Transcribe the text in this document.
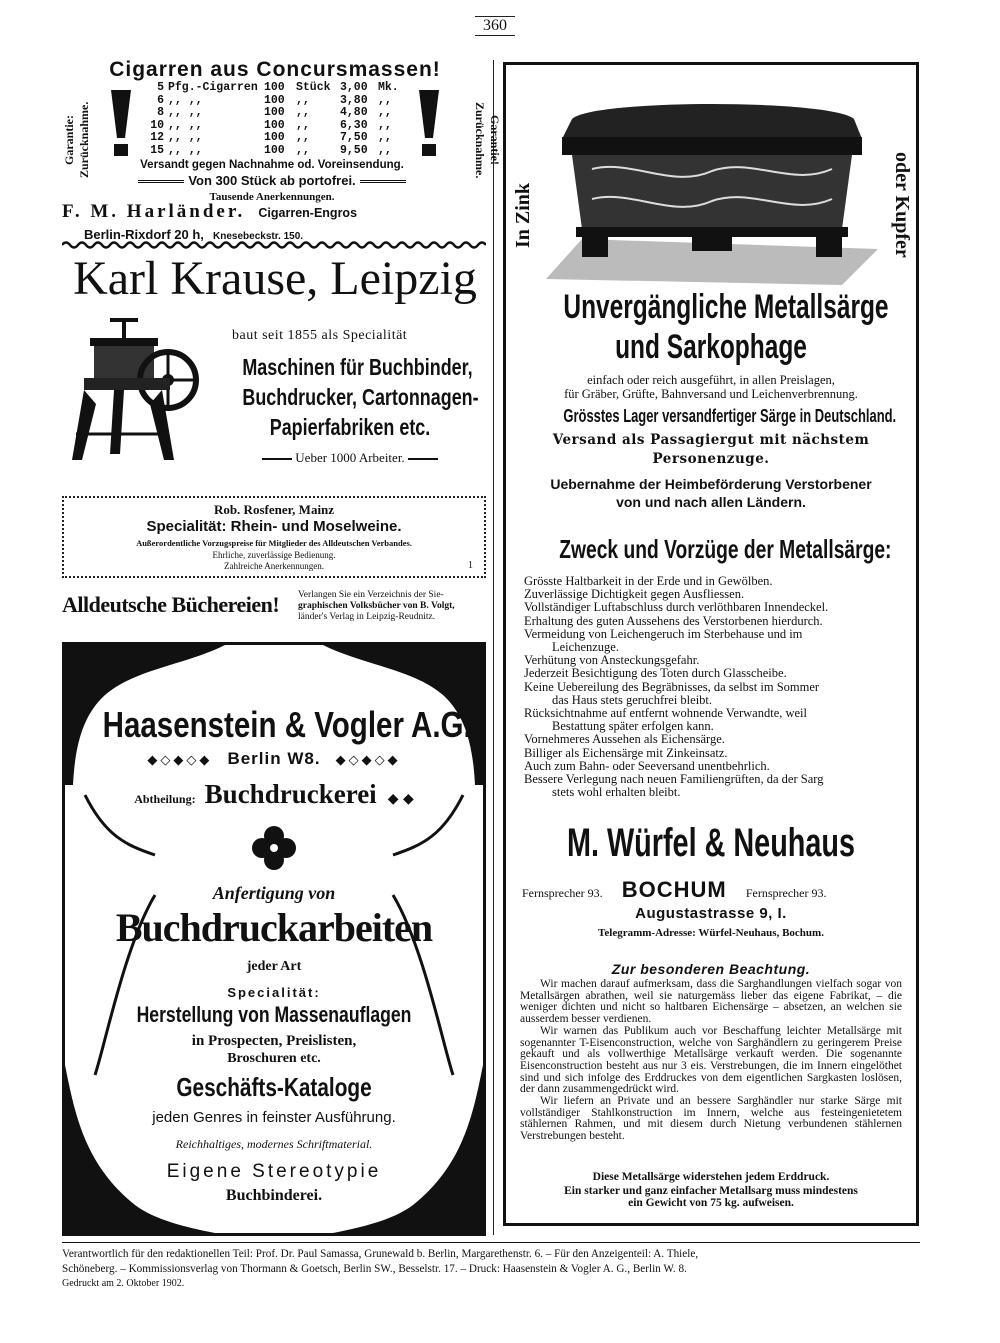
360
Cigarren aus Concursmassen!
Garantie: Zurücknahme.	Garantie! Zurücknahme.
5 Pfg.-Cigarren 100 Stück 3,00 Mk.
6 ,, ,,	100 ,,	3,80 ,,
8 ,, ,,	100 ,,	4,80 ,,
10 ,, ,,	100 ,,	6,30 ,,
12 ,, ,,	100 ,,	7,50 ,,
15 ,, ,,	100 ,,	9,50 ,,
Versandt gegen Nachnahme od. Voreinsendung.
Von 300 Stück ab portofrei.
Tausende Anerkennungen.
F. M. Harländer. Cigarren-Engros
Berlin-Rixdorf 20 h, Knesebeckstr. 150.
Karl Krause, Leipzig
baut seit 1855 als Specialität
Maschinen für Buchbinder,
Buchdrucker, Cartonnagen-
Papierfabriken etc.
Ueber 1000 Arbeiter.
Rob. Rosfener, Mainz
Specialität: Rhein- und Moselweine.
Außerordentliche Vorzugspreise für Mitglieder des Alldeutschen Verbandes.
Ehrliche, zuverlässige Bedienung.
Zahlreiche Anerkennungen.	1
Alldeutsche Büchereien! Verlangen Sie ein Verzeichnis der Sie-
graphischen Volksbücher von B. Volgt,
länder's Verlag in Leipzig-Reudnitz.
Haasenstein & Vogler A.G.
◆◇◆◇◆ Berlin W8. ◆◇◆◇◆
Abtheilung: Buchdruckerei ◆ ◆
Anfertigung von
Buchdruckarbeiten
jeder Art
Specialität:
Herstellung von Massenauflagen
in Prospecten, Preislisten,
Broschuren etc.
Geschäfts-Kataloge
jeden Genres in feinster Ausführung.
Reichhaltiges, modernes Schriftmaterial.
Eigene Stereotypie
Buchbinderei.
In Zink	oder Kupfer
Unvergängliche Metallsärge
und Sarkophage
einfach oder reich ausgeführt, in allen Preislagen,
für Gräber, Grüfte, Bahnversand und Leichenverbrennung.
Grösstes Lager versandfertiger Särge in Deutschland.
Versand als Passagiergut mit nächstem
Personenzuge.
Uebernahme der Heimbeförderung Verstorbener
von und nach allen Ländern.
Zweck und Vorzüge der Metallsärge:

Grösste Haltbarkeit in der Erde und in Gewölben.

Zuverlässige Dichtigkeit gegen Ausfliessen.

Vollständiger Luftabschluss durch verlöthbaren Innendeckel.

Erhaltung des guten Aussehens des Verstorbenen hierdurch.

Vermeidung von Leichengeruch im Sterbehause und im

Leichenzuge.

Verhütung von Ansteckungsgefahr.

Jederzeit Besichtigung des Toten durch Glasscheibe.

Keine Uebereilung des Begräbnisses, da selbst im Sommer

das Haus stets geruchfrei bleibt.

Rücksichtnahme auf entfernt wohnende Verwandte, weil

Bestattung später erfolgen kann.

Vornehmeres Aussehen als Eichensärge.

Billiger als Eichensärge mit Zinkeinsatz.

Auch zum Bahn- oder Seeversand unentbehrlich.

Bessere Verlegung nach neuen Familiengrüften, da der Sarg

stets wohl erhalten bleibt.

M. Würfel & Neuhaus
Fernsprecher 93. BOCHUM Fernsprecher 93.
Augustastrasse 9, I.
Telegramm-Adresse: Würfel-Neuhaus, Bochum.
Zur besonderen Beachtung.

Wir machen darauf aufmerksam, dass die Sarghandlungen vielfach sogar von Metallsärgen abrathen, weil sie naturgemäss lieber das eigene Fabrikat, – die weniger dichten und nicht so haltbaren Eichensärge – absetzen, an welchen sie ausserdem besser verdienen.

Wir warnen das Publikum auch vor Beschaffung leichter Metallsärge mit sogenannter T-Eisenconstruction, welche von Sarghändlern zu geringerem Preise gekauft und als vollwerthige Metallsärge verkauft werden. Die sogenannte Eisenconstruction besteht aus nur 3 eis. Verstrebungen, die im Innern eingelöthet sind und sich infolge des Erddruckes von dem eigentlichen Sargkasten loslösen, der dann zusammengedrückt wird.

Wir liefern an Private und an bessere Sarghändler nur starke Särge mit vollständiger Stahlkonstruction im Innern, welche aus festeingenietetem stählernen Rahmen, und mit diesem durch Nietung verbundenen stählernen Verstrebungen besteht.

Diese Metallsärge widerstehen jedem Erddruck.
Ein starker und ganz einfacher Metallsarg muss mindestens
ein Gewicht von 75 kg. aufweisen.
Verantwortlich für den redaktionellen Teil: Prof. Dr. Paul Samassa, Grunewald b. Berlin, Margarethenstr. 6. – Für den Anzeigenteil: A. Thiele,
Schöneberg. – Kommissionsverlag von Thormann & Goetsch, Berlin SW., Besselstr. 17. – Druck: Haasenstein & Vogler A. G., Berlin W. 8.
Gedruckt am 2. Oktober 1902.
